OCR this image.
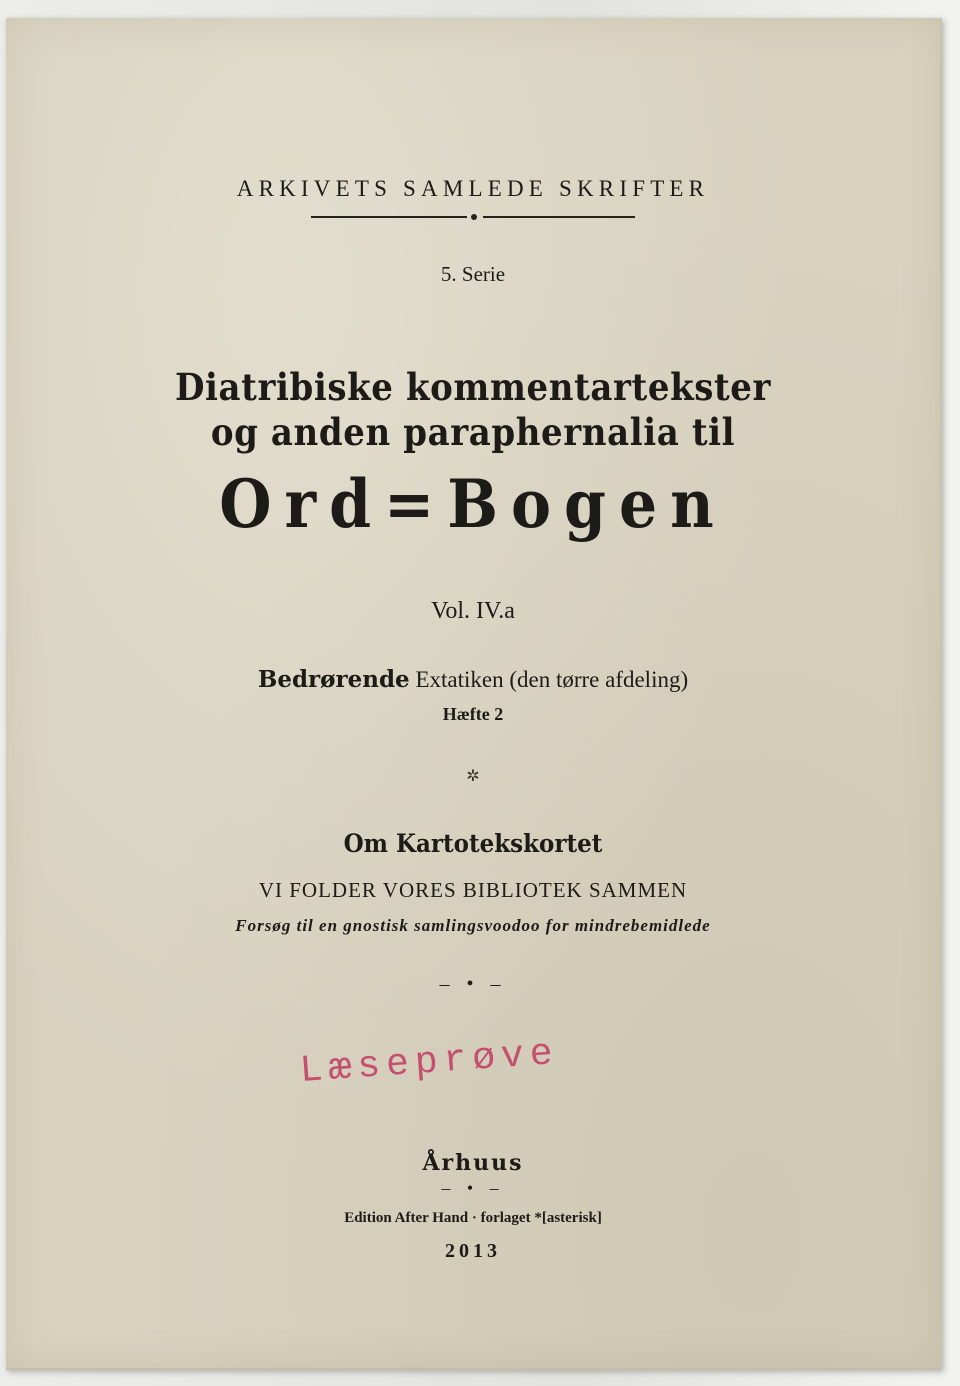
ARKIVETS SAMLEDE SKRIFTER
5. Serie
Diatribiske kommentartekster
og anden paraphernalia til
Ord=Bogen
Vol. IV.a
Bedrørende Extatiken (den tørre afdeling)
Hæfte 2
✲
Om Kartotekskortet
VI FOLDER VORES BIBLIOTEK SAMMEN
Forsøg til en gnostisk samlingsvoodoo for mindrebemidlede
– • –
Læseprøve
Århuus
– • –
Edition After Hand · forlaget *[asterisk]
2013
